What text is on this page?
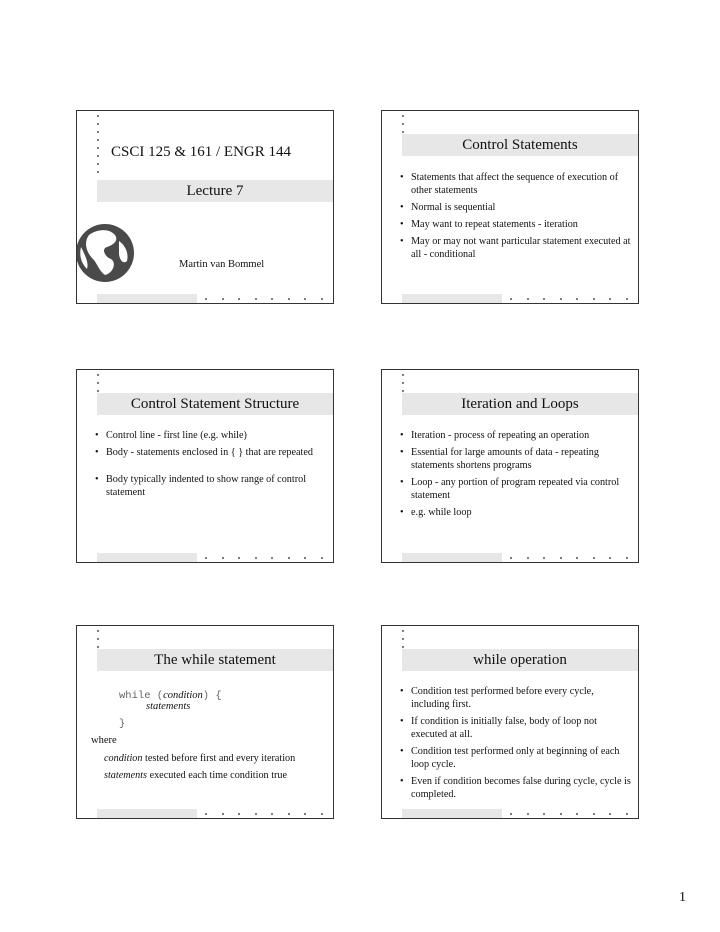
CSCI 125 & 161 / ENGR 144
Lecture 7
Martin van Bommel
Control Statements
• Statements that affect the sequence of execution of other statements
• Normal is sequential
• May want to repeat statements - iteration
• May or may not want particular statement executed at all - conditional
Control Statement Structure
• Control line - first line (e.g. while)
• Body - statements enclosed in { } that are repeated
• Body typically indented to show range of control statement
Iteration and Loops
• Iteration - process of repeating an operation
• Essential for large amounts of data - repeating statements shortens programs
• Loop - any portion of program repeated via control statement
• e.g. while loop
The while statement
while (condition) {
statements
}
where
condition tested before first and every iteration
statements executed each time condition true
while operation
• Condition test performed before every cycle, including first.
• If condition is initially false, body of loop not executed at all.
• Condition test performed only at beginning of each loop cycle.
• Even if condition becomes false during cycle, cycle is completed.
1
